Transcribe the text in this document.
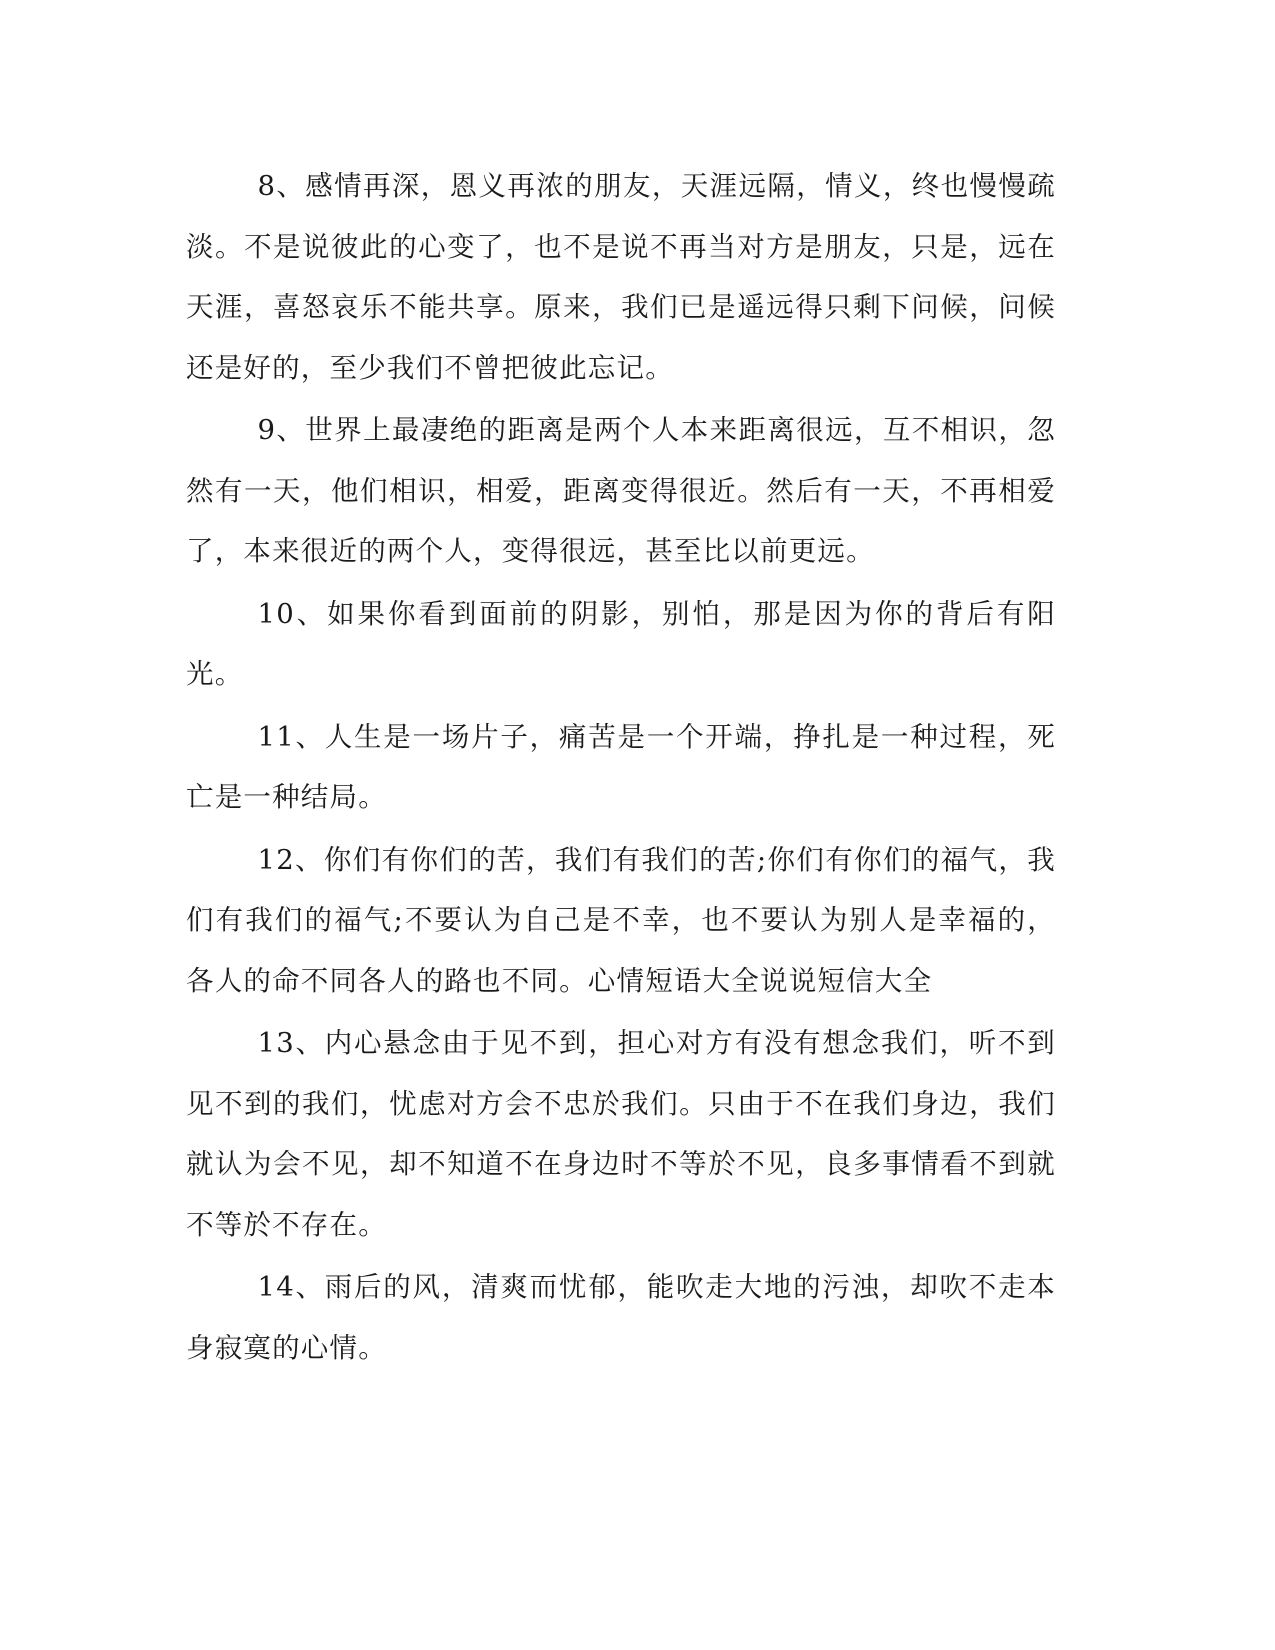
8、感情再深，恩义再浓的朋友，天涯远隔，情义，终也慢慢疏淡。不是说彼此的心变了，也不是说不再当对方是朋友，只是，远在天涯，喜怒哀乐不能共享。原来，我们已是遥远得只剩下问候，问候还是好的，至少我们不曾把彼此忘记。

9、世界上最凄绝的距离是两个人本来距离很远，互不相识，忽然有一天，他们相识，相爱，距离变得很近。然后有一天，不再相爱了，本来很近的两个人，变得很远，甚至比以前更远。

10、如果你看到面前的阴影，别怕，那是因为你的背后有阳光。

11、人生是一场片子，痛苦是一个开端，挣扎是一种过程，死亡是一种结局。

12、你们有你们的苦，我们有我们的苦;你们有你们的福气，我们有我们的福气;不要认为自己是不幸，也不要认为别人是幸福的，各人的命不同各人的路也不同。心情短语大全说说短信大全

13、内心悬念由于见不到，担心对方有没有想念我们，听不到见不到的我们，忧虑对方会不忠於我们。只由于不在我们身边，我们就认为会不见，却不知道不在身边时不等於不见，良多事情看不到就不等於不存在。

14、雨后的风，清爽而忧郁，能吹走大地的污浊，却吹不走本身寂寞的心情。
